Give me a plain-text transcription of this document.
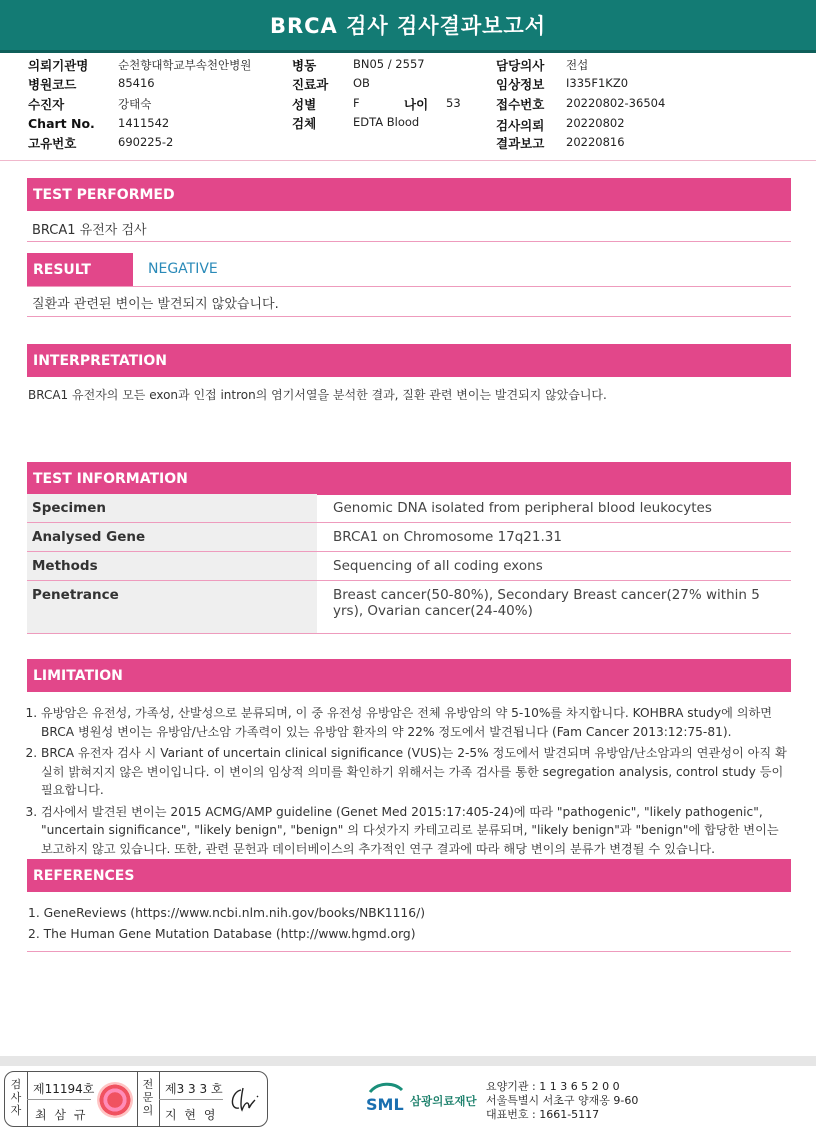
BRCA 검사 검사결과보고서
의뢰기관명	순천향대학교부속천안병원
병원코드	85416
수진자	강태숙
Chart No. 1411542
고유번호	690225-2
병동	BN05 / 2557
진료과 OB
성별	F	나이 53
검체	EDTA Blood
담당의사 전섭
임상정보 I335F1KZ0
접수번호 20220802-36504
검사의뢰 20220802
결과보고 20220816
TEST PERFORMED
BRCA1 유전자 검사
RESULT	NEGATIVE
질환과 관련된 변이는 발견되지 않았습니다.
INTERPRETATION
BRCA1 유전자의 모든 exon과 인접 intron의 염기서열을 분석한 결과, 질환 관련 변이는 발견되지 않았습니다.
TEST INFORMATION
Specimen	Genomic DNA isolated from peripheral blood leukocytes
Analysed Gene	BRCA1 on Chromosome 17q21.31
Methods	Sequencing of all coding exons
Penetrance	Breast cancer(50-80%), Secondary Breast cancer(27% within 5 yrs), Ovarian cancer(24-40%)
LIMITATION
1. 유방암은 유전성, 가족성, 산발성으로 분류되며, 이 중 유전성 유방암은 전체 유방암의 약 5-10%를 차지합니다. KOHBRA study에 의하면 BRCA 병원성 변이는 유방암/난소암 가족력이 있는 유방암 환자의 약 22% 정도에서 발견됩니다 (Fam Cancer 2013:12:75-81).
2. BRCA 유전자 검사 시 Variant of uncertain clinical significance (VUS)는 2-5% 정도에서 발견되며 유방암/난소암과의 연관성이 아직 확실히 밝혀지지 않은 변이입니다. 이 변이의 임상적 의미를 확인하기 위해서는 가족 검사를 통한 segregation analysis, control study 등이 필요합니다.
3. 검사에서 발견된 변이는 2015 ACMG/AMP guideline (Genet Med 2015:17:405-24)에 따라 "pathogenic", "likely pathogenic", "uncertain significance", "likely benign", "benign" 의 다섯가지 카테고리로 분류되며, "likely benign"과 "benign"에 합당한 변이는 보고하지 않고 있습니다. 또한, 관련 문헌과 데이터베이스의 추가적인 연구 결과에 따라 해당 변이의 분류가 변경될 수 있습니다.
REFERENCES
1. GeneReviews (https://www.ncbi.nlm.nih.gov/books/NBK1116/)
2. The Human Gene Mutation Database (http://www.hgmd.org)
검사자
제11194호
최 삼 규
전문의
제3 3 3 호
지 현 영
SML 삼광의료재단
요양기관 : 1 1 3 6 5 2 0 0
서울특별시 서초구 양재옹 9-60
대표번호 : 1661-5117
